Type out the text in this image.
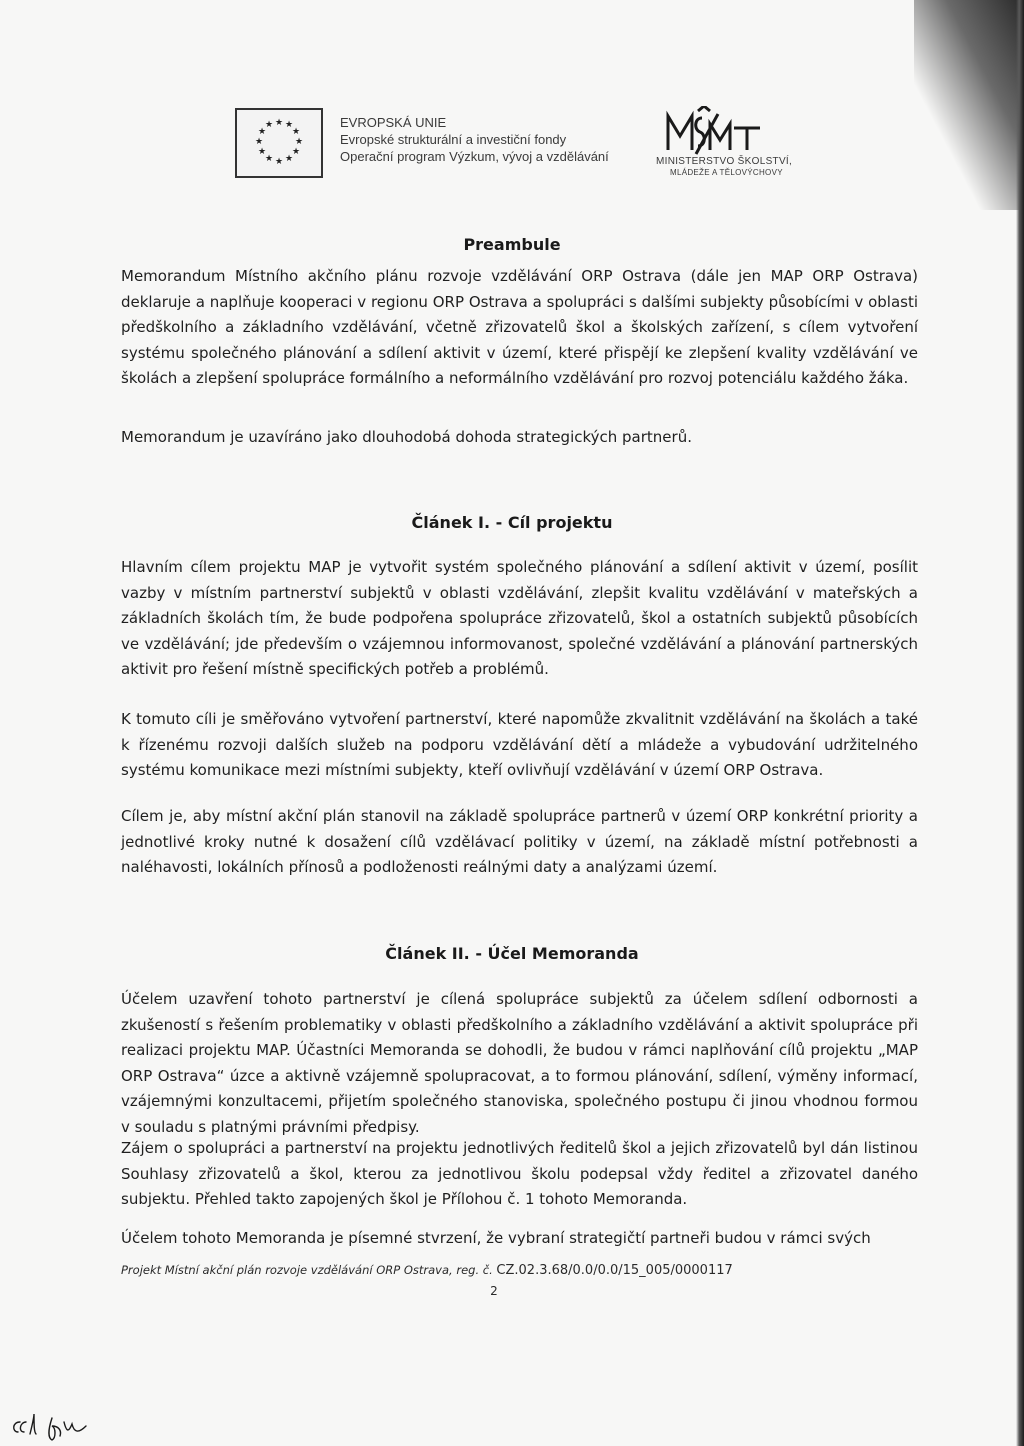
★ ★
★
★
★
★
★
★
★
★
★
★	EVROPSKÁ UNIE
Evropské strukturální a investiční fondy
Operační program Výzkum, vývoj a vzdělávání	MINISTERSTVO ŠKOLSTVÍ,
MLÁDEŽE A TĚLOVÝCHOVY
Preambule
Memorandum Místního akčního plánu rozvoje vzdělávání ORP Ostrava (dále jen MAP ORP Ostrava) deklaruje a naplňuje kooperaci v regionu ORP Ostrava a spolupráci s dalšími subjekty působícími v oblasti předškolního a základního vzdělávání, včetně zřizovatelů škol a školských zařízení, s cílem vytvoření systému společného plánování a sdílení aktivit v území, které přispějí ke zlepšení kvality vzdělávání ve školách a zlepšení spolupráce formálního a neformálního vzdělávání pro rozvoj potenciálu každého žáka.
Memorandum je uzavíráno jako dlouhodobá dohoda strategických partnerů.
Článek I. - Cíl projektu
Hlavním cílem projektu MAP je vytvořit systém společného plánování a sdílení aktivit v území, posílit vazby v místním partnerství subjektů v oblasti vzdělávání, zlepšit kvalitu vzdělávání v mateřských a základních školách tím, že bude podpořena spolupráce zřizovatelů, škol a ostatních subjektů působících ve vzdělávání; jde především o vzájemnou informovanost, společné vzdělávání a plánování partnerských aktivit pro řešení místně specifických potřeb a problémů.
K tomuto cíli je směřováno vytvoření partnerství, které napomůže zkvalitnit vzdělávání na školách a také k řízenému rozvoji dalších služeb na podporu vzdělávání dětí a mládeže a vybudování udržitelného systému komunikace mezi místními subjekty, kteří ovlivňují vzdělávání v území ORP Ostrava.
Cílem je, aby místní akční plán stanovil na základě spolupráce partnerů v území ORP konkrétní priority a jednotlivé kroky nutné k dosažení cílů vzdělávací politiky v území, na základě místní potřebnosti a naléhavosti, lokálních přínosů a podloženosti reálnými daty a analýzami území.
Článek II. - Účel Memoranda
Účelem uzavření tohoto partnerství je cílená spolupráce subjektů za účelem sdílení odbornosti a zkušeností s řešením problematiky v oblasti předškolního a základního vzdělávání a aktivit spolupráce při realizaci projektu MAP. Účastníci Memoranda se dohodli, že budou v rámci naplňování cílů projektu „MAP ORP Ostrava“ úzce a aktivně vzájemně spolupracovat, a to formou plánování, sdílení, výměny informací, vzájemnými konzultacemi, přijetím společného stanoviska, společného postupu či jinou vhodnou formou v souladu s platnými právními předpisy.
Zájem o spolupráci a partnerství na projektu jednotlivých ředitelů škol a jejich zřizovatelů byl dán listinou Souhlasy zřizovatelů a škol, kterou za jednotlivou školu podepsal vždy ředitel a zřizovatel daného subjektu. Přehled takto zapojených škol je Přílohou č. 1 tohoto Memoranda.
Účelem tohoto Memoranda je písemné stvrzení, že vybraní strategičtí partneři budou v rámci svých
Projekt Místní akční plán rozvoje vzdělávání ORP Ostrava, reg. č. CZ.02.3.68/0.0/0.0/15_005/0000117
2
